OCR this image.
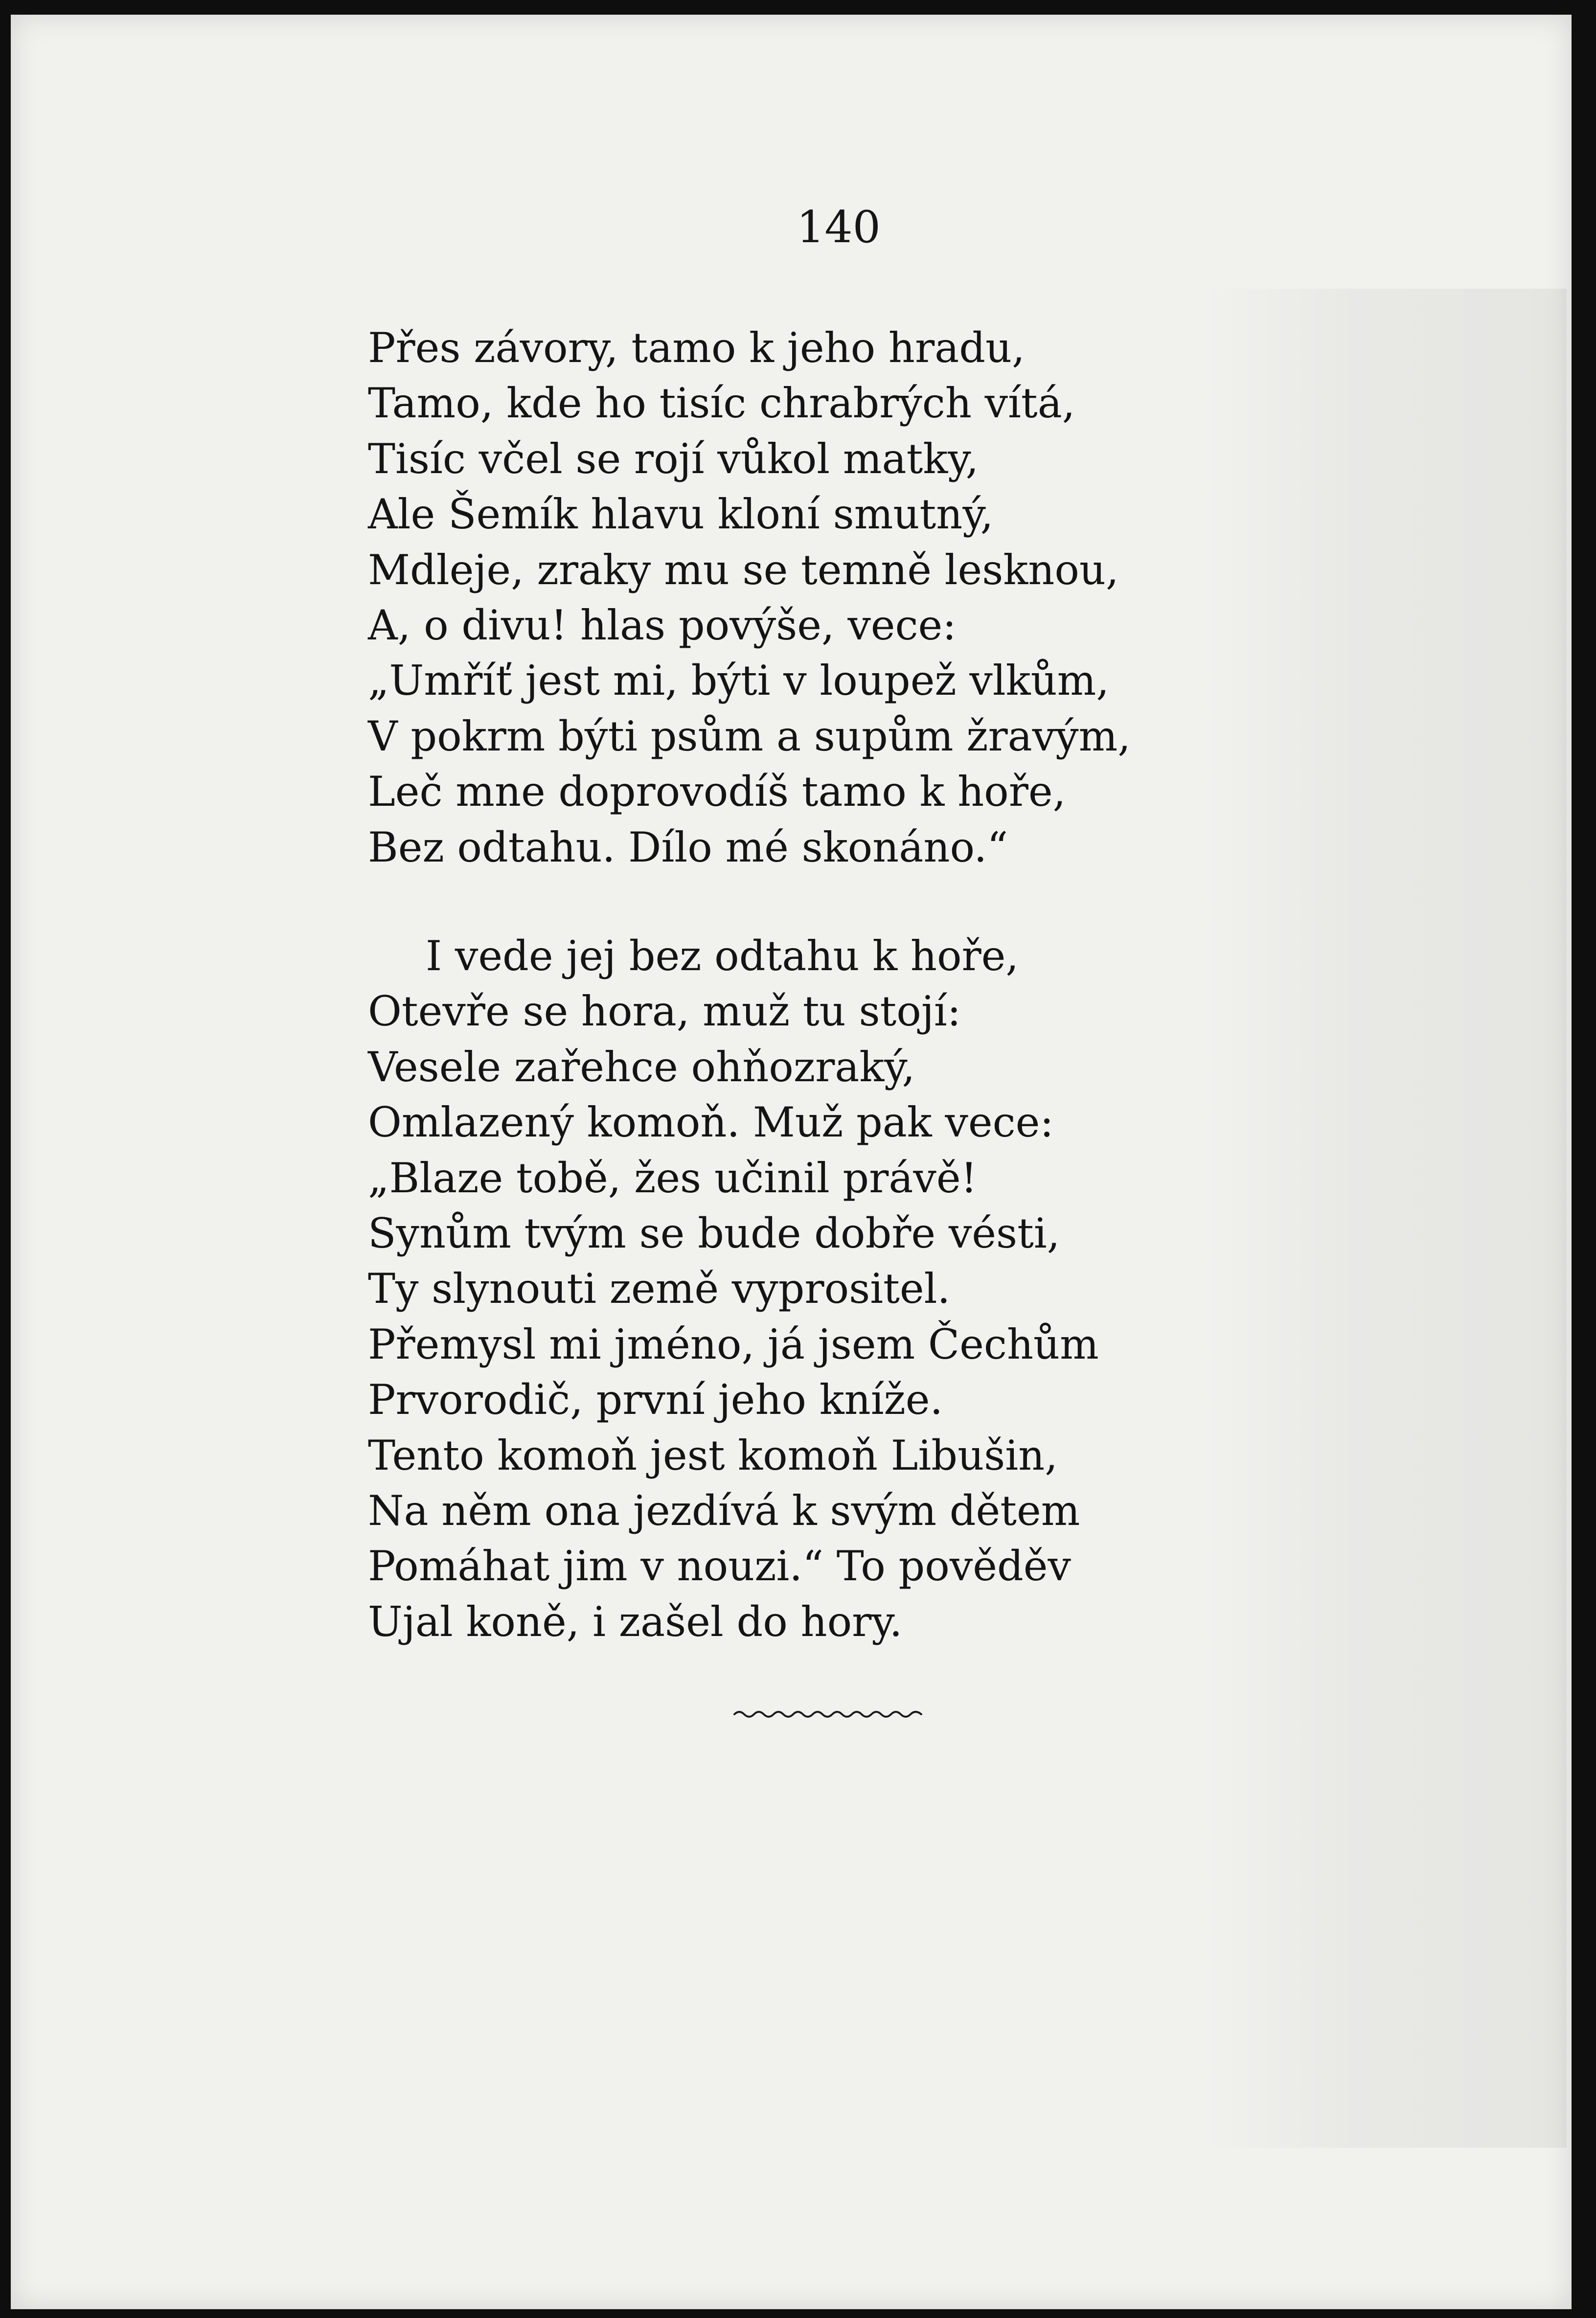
140
Přes závory, tamo k jeho hradu,
Tamo, kde ho tisíc chrabrých vítá,
Tisíc včel se rojí vůkol matky,
Ale Šemík hlavu kloní smutný,
Mdleje, zraky mu se temně lesknou,
A, o divu! hlas povýše, vece:
„Umříť jest mi, býti v loupež vlkům,
V pokrm býti psům a supům žravým,
Leč mne doprovodíš tamo k hoře,
Bez odtahu. Dílo mé skonáno.“
I vede jej bez odtahu k hoře,
Otevře se hora, muž tu stojí:
Vesele zařehce ohňozraký,
Omlazený komoň. Muž pak vece:
„Blaze tobě, žes učinil právě!
Synům tvým se bude dobře vésti,
Ty slynouti země vyprositel.
Přemysl mi jméno, já jsem Čechům
Prvorodič, první jeho kníže.
Tento komoň jest komoň Libušin,
Na něm ona jezdívá k svým dětem
Pomáhat jim v nouzi.“ To pověděv
Ujal koně, i zašel do hory.
